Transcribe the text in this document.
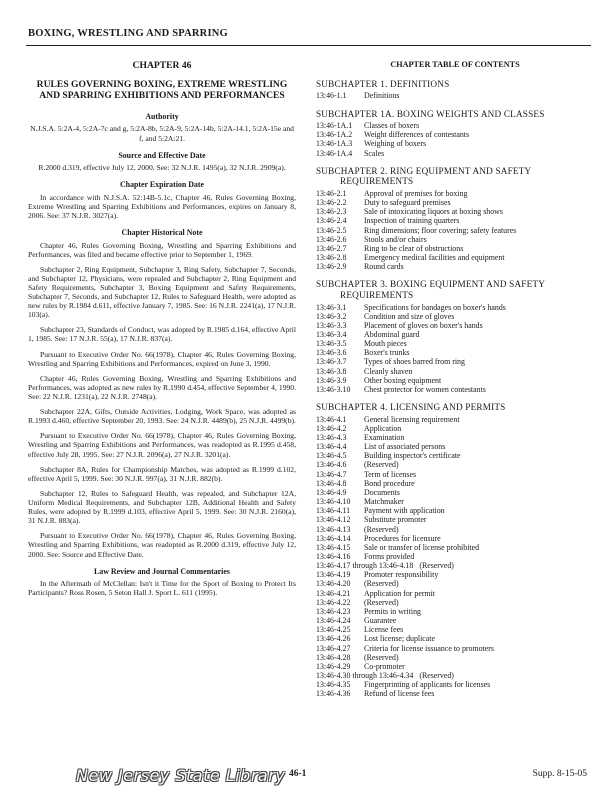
BOXING, WRESTLING AND SPARRING
CHAPTER 46
RULES GOVERNING BOXING, EXTREME WRESTLING AND SPARRING EXHIBITIONS AND PERFORMANCES
Authority
N.J.S.A. 5:2A-4, 5:2A-7c and g, 5:2A-8b, 5:2A-9, 5:2A-14b, 5:2A-14.1, 5:2A-15e and f, and 5:2A:21.
Source and Effective Date
R.2000 d.319, effective July 12, 2000. See: 32 N.J.R. 1495(a), 32 N.J.R. 2909(a).
Chapter Expiration Date

In accordance with N.J.S.A. 52:14B-5.1c, Chapter 46, Rules Governing Boxing, Extreme Wrestling and Sparring Exhibitions and Performances, expires on January 8, 2006. See: 37 N.J.R. 3027(a).

Chapter Historical Note

Chapter 46, Rules Governing Boxing, Wrestling and Sparring Exhibitions and Performances, was filed and became effective prior to September 1, 1969.

Subchapter 2, Ring Equipment, Subchapter 3, Ring Safety, Subchapter 7, Seconds, and Subchapter 12, Physicians, were repealed and Subchapter 2, Ring Equipment and Safety Requirements, Subchapter 3, Boxing Equipment and Safety Requirements, Subchapter 7, Seconds, and Subchapter 12, Rules to Safeguard Health, were adopted as new rules by R.1984 d.611, effective January 7, 1985. See: 16 N.J.R. 2241(a), 17 N.J.R. 103(a).

Subchapter 23, Standards of Conduct, was adopted by R.1985 d.164, effective April 1, 1985. See: 17 N.J.R. 55(a), 17 N.J.R. 837(a).

Pursuant to Executive Order No. 66(1978), Chapter 46, Rules Governing Boxing, Wrestling and Sparring Exhibitions and Performances, expired on June 3, 1990.

Chapter 46, Rules Governing Boxing, Wrestling and Sparring Exhibitions and Performances, was adopted as new rules by R.1990 d.454, effective September 4, 1990. See: 22 N.J.R. 1231(a), 22 N.J.R. 2748(a).

Subchapter 22A, Gifts, Outside Activities, Lodging, Work Space, was adopted as R.1993 d.460, effective September 20, 1993. See: 24 N.J.R. 4489(b), 25 N.J.R. 4499(b).

Pursuant to Executive Order No. 66(1978), Chapter 46, Rules Governing Boxing, Wrestling and Sparring Exhibitions and Performances, was readopted as R.1995 d.458, effective July 28, 1995. See: 27 N.J.R. 2096(a), 27 N.J.R. 3201(a).

Subchapter 8A, Rules for Championship Matches, was adopted as R.1999 d.102, effective April 5, 1999. See: 30 N.J.R. 997(a), 31 N.J.R. 882(b).

Subchapter 12, Rules to Safeguard Health, was repealed, and Subchapter 12A, Uniform Medical Requirements, and Subchapter 12B, Additional Health and Safety Rules, were adopted by R.1999 d.103, effective April 5, 1999. See: 30 N.J.R. 2160(a), 31 N.J.R. 883(a).

Pursuant to Executive Order No. 66(1978), Chapter 46, Rules Governing Boxing, Wrestling and Sparring Exhibitions, was readopted as R.2000 d.319, effective July 12, 2000. See: Source and Effective Date.

Law Review and Journal Commentaries

In the Aftermath of McClellan: Isn't it Time for the Sport of Boxing to Protect Its Participants? Ross Rosen, 5 Seton Hall J. Sport L. 611 (1995).

CHAPTER TABLE OF CONTENTS
SUBCHAPTER 1. DEFINITIONS
13:46-1.1	Definitions
SUBCHAPTER 1A. BOXING WEIGHTS AND CLASSES
13:46-1A.1	Classes of boxers
13:46-1A.2	Weight differences of contestants
13:46-1A.3	Weighing of boxers
13:46-1A.4	Scales
SUBCHAPTER 2. RING EQUIPMENT AND SAFETY
REQUIREMENTS
13:46-2.1	Approval of premises for boxing
13:46-2.2	Duty to safeguard premises
13:46-2.3	Sale of intoxicating liquors at boxing shows
13:46-2.4	Inspection of training quarters
13:46-2.5	Ring dimensions; floor covering; safety features
13:46-2.6	Stools and/or chairs
13:46-2.7	Ring to be clear of obstructions
13:46-2.8	Emergency medical facilities and equipment
13:46-2.9	Round cards
SUBCHAPTER 3. BOXING EQUIPMENT AND SAFETY
REQUIREMENTS
13:46-3.1	Specifications for bandages on boxer's hands
13:46-3.2	Condition and size of gloves
13:46-3.3	Placement of gloves on boxer's hands
13:46-3.4	Abdominal guard
13:46-3.5	Mouth pieces
13:46-3.6	Boxer's trunks
13:46-3.7	Types of shoes barred from ring
13:46-3.8	Cleanly shaven
13:46-3.9	Other boxing equipment
13:46-3.10	Chest protector for women contestants
SUBCHAPTER 4. LICENSING AND PERMITS
13:46-4.1	General licensing requirement
13:46-4.2	Application
13:46-4.3	Examination
13:46-4.4	List of associated persons
13:46-4.5	Building inspector's certificate
13:46-4.6	(Reserved)
13:46-4.7	Term of licenses
13:46-4.8	Bond procedure
13:46-4.9	Documents
13:46-4.10	Matchmaker
13:46-4.11	Payment with application
13:46-4.12	Substitute promoter
13:46-4.13	(Reserved)
13:46-4.14	Procedures for licensure
13:46-4.15	Sale or transfer of license prohibited
13:46-4.16	Forms provided
13:46-4.17 through 13:46-4.18 (Reserved)
13:46-4.19	Promoter responsibility
13:46-4.20	(Reserved)
13:46-4.21	Application for permit
13:46-4.22	(Reserved)
13:46-4.23	Permits in writing
13:46-4.24	Guarantee
13:46-4.25	License fees
13:46-4.26	Lost license; duplicate
13:46-4.27	Criteria for license issuance to promoters
13:46-4.28	(Reserved)
13:46-4.29	Co-promoter
13:46-4.30 through 13:46-4.34 (Reserved)
13:46-4.35	Fingerprinting of applicants for licenses
13:46-4.36	Refund of license fees
New Jersey State Library 46-1	Supp. 8-15-05
